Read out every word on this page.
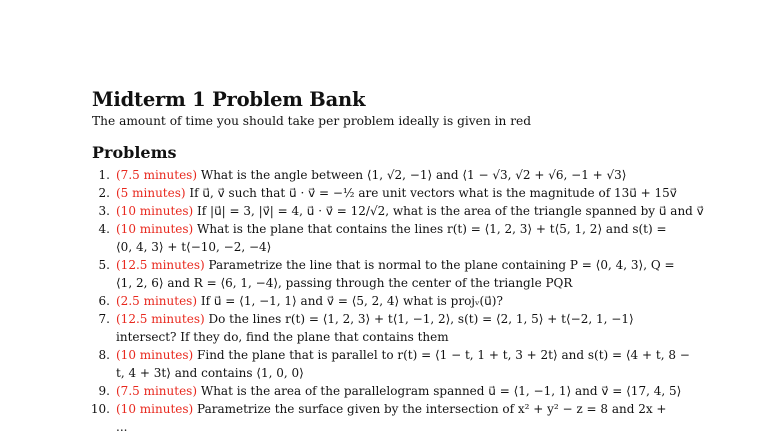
Midterm 1 Problem Bank
The amount of time you should take per problem ideally is given in red
Problems
1. (7.5 minutes) What is the angle between ⟨1, √2, −1⟩ and ⟨1 − √3, √2 + √6, −1 + √3⟩
2. (5 minutes) If u⃗, v⃗ such that u⃗ · v⃗ = −½ are unit vectors what is the magnitude of 13u⃗ + 15v⃗
3. (10 minutes) If |u⃗| = 3, |v⃗| = 4, u⃗ · v⃗ = 12/√2, what is the area of the triangle spanned by u⃗ and v⃗
4. (10 minutes) What is the plane that contains the lines r(t) = ⟨1, 2, 3⟩ + t⟨5, 1, 2⟩ and s(t) =
⟨0, 4, 3⟩ + t⟨−10, −2, −4⟩
5. (12.5 minutes) Parametrize the line that is normal to the plane containing P = ⟨0, 4, 3⟩, Q =
⟨1, 2, 6⟩ and R = ⟨6, 1, −4⟩, passing through the center of the triangle PQR
6. (2.5 minutes) If u⃗ = ⟨1, −1, 1⟩ and v⃗ = ⟨5, 2, 4⟩ what is projᵥ(u⃗)?
7. (12.5 minutes) Do the lines r(t) = ⟨1, 2, 3⟩ + t⟨1, −1, 2⟩, s(t) = ⟨2, 1, 5⟩ + t⟨−2, 1, −1⟩
intersect? If they do, find the plane that contains them
8. (10 minutes) Find the plane that is parallel to r(t) = ⟨1 − t, 1 + t, 3 + 2t⟩ and s(t) = ⟨4 + t, 8 −
t, 4 + 3t⟩ and contains ⟨1, 0, 0⟩
9. (7.5 minutes) What is the area of the parallelogram spanned u⃗ = ⟨1, −1, 1⟩ and v⃗ = ⟨17, 4, 5⟩
10. (10 minutes) Parametrize the surface given by the intersection of x² + y² − z = 8 and 2x +
...
